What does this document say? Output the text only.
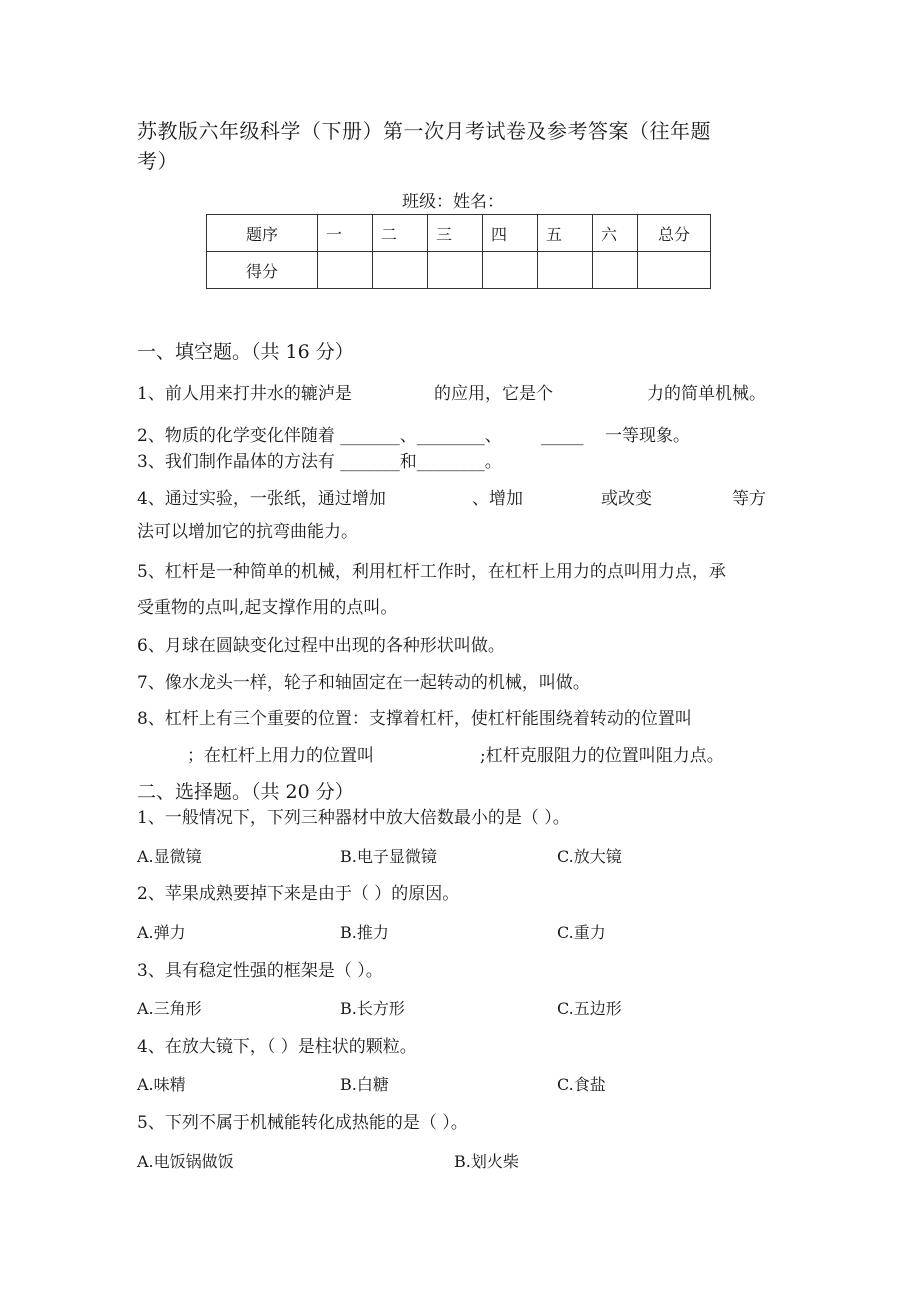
苏教版六年级科学（下册）第一次月考试卷及参考答案（往年题
考）
班级：姓名：
题序	一	二	三	四	五	六	总分
得分							
一、填空题。（共 16 分）
1、前人用来打井水的辘泸是	的应用，它是个	力的简单机械。
2、物质的化学变化伴随着 _______、________、 _____ 一等现象。
3、我们制作晶体的方法有 _______和________。
4、通过实验，一张纸，通过增加	、增加	或改变	等方
法可以增加它的抗弯曲能力。
5、杠杆是一种简单的机械，利用杠杆工作时，在杠杆上用力的点叫用力点，承
受重物的点叫,起支撑作用的点叫。
6、月球在圆缺变化过程中出现的各种形状叫做。
7、像水龙头一样，轮子和轴固定在一起转动的机械，叫做。
8、杠杆上有三个重要的位置：支撑着杠杆，使杠杆能围绕着转动的位置叫
；在杠杆上用力的位置叫	;杠杆克服阻力的位置叫阻力点。
二、选择题。（共 20 分）
1、一般情况下，下列三种器材中放大倍数最小的是（ ）。
A.显微镜	B.电子显微镜	C.放大镜
2、苹果成熟要掉下来是由于（ ）的原因。
A.弹力	B.推力	C.重力
3、具有稳定性强的框架是（ ）。
A.三角形	B.长方形	C.五边形
4、在放大镜下，（ ）是柱状的颗粒。
A.味精	B.白糖	C.食盐
5、下列不属于机械能转化成热能的是（ ）。
A.电饭锅做饭	B.划火柴
